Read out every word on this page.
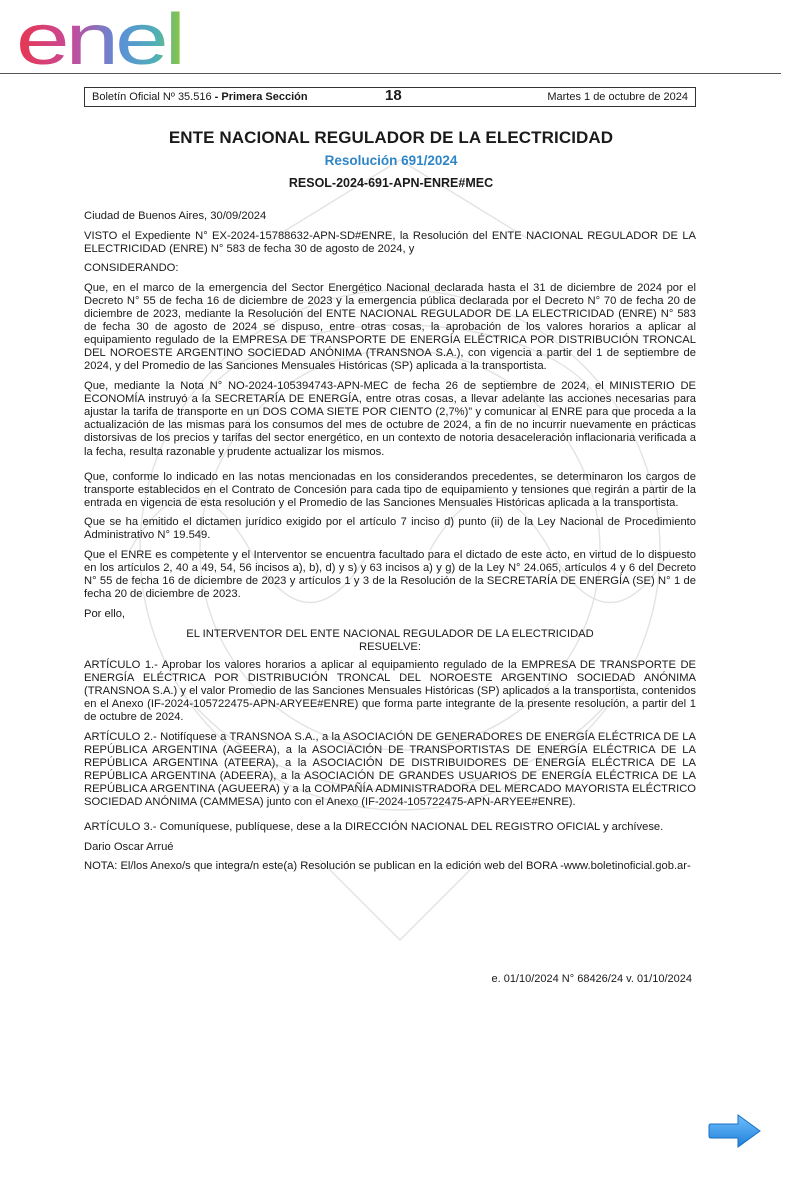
enel
Boletín Oficial Nº 35.516 - Primera Sección	18	Martes 1 de octubre de 2024
ENTE NACIONAL REGULADOR DE LA ELECTRICIDAD
Resolución 691/2024
RESOL-2024-691-APN-ENRE#MEC

Ciudad de Buenos Aires, 30/09/2024

VISTO el Expediente N° EX-2024-15788632-APN-SD#ENRE, la Resolución del ENTE NACIONAL REGULADOR DE LA ELECTRICIDAD (ENRE) N° 583 de fecha 30 de agosto de 2024, y

CONSIDERANDO:

Que, en el marco de la emergencia del Sector Energético Nacional declarada hasta el 31 de diciembre de 2024 por el Decreto N° 55 de fecha 16 de diciembre de 2023 y la emergencia pública declarada por el Decreto N° 70 de fecha 20 de diciembre de 2023, mediante la Resolución del ENTE NACIONAL REGULADOR DE LA ELECTRICIDAD (ENRE) N° 583 de fecha 30 de agosto de 2024 se dispuso, entre otras cosas, la aprobación de los valores horarios a aplicar al equipamiento regulado de la EMPRESA DE TRANSPORTE DE ENERGÍA ELÉCTRICA POR DISTRIBUCIÓN TRONCAL DEL NOROESTE ARGENTINO SOCIEDAD ANÓNIMA (TRANSNOA S.A.), con vigencia a partir del 1 de septiembre de 2024, y del Promedio de las Sanciones Mensuales Históricas (SP) aplicada a la transportista.

Que, mediante la Nota N° NO-2024-105394743-APN-MEC de fecha 26 de septiembre de 2024, el MINISTERIO DE ECONOMÍA instruyó a la SECRETARÍA DE ENERGÍA, entre otras cosas, a llevar adelante las acciones necesarias para ajustar la tarifa de transporte en un DOS COMA SIETE POR CIENTO (2,7%)” y comunicar al ENRE para que proceda a la actualización de las mismas para los consumos del mes de octubre de 2024, a fin de no incurrir nuevamente en prácticas distorsivas de los precios y tarifas del sector energético, en un contexto de notoria desaceleración inflacionaria verificada a la fecha, resulta razonable y prudente actualizar los mismos.

Que, conforme lo indicado en las notas mencionadas en los considerandos precedentes, se determinaron los cargos de transporte establecidos en el Contrato de Concesión para cada tipo de equipamiento y tensiones que regirán a partir de la entrada en vigencia de esta resolución y el Promedio de las Sanciones Mensuales Históricas aplicada a la transportista.

Que se ha emitido el dictamen jurídico exigido por el artículo 7 inciso d) punto (ii) de la Ley Nacional de Procedimiento Administrativo N° 19.549.

Que el ENRE es competente y el Interventor se encuentra facultado para el dictado de este acto, en virtud de lo dispuesto en los artículos 2, 40 a 49, 54, 56 incisos a), b), d) y s) y 63 incisos a) y g) de la Ley N° 24.065, artículos 4 y 6 del Decreto N° 55 de fecha 16 de diciembre de 2023 y artículos 1 y 3 de la Resolución de la SECRETARÍA DE ENERGÍA (SE) N° 1 de fecha 20 de diciembre de 2023.

Por ello,

EL INTERVENTOR DEL ENTE NACIONAL REGULADOR DE LA ELECTRICIDAD

RESUELVE:

ARTÍCULO 1.- Aprobar los valores horarios a aplicar al equipamiento regulado de la EMPRESA DE TRANSPORTE DE ENERGÍA ELÉCTRICA POR DISTRIBUCIÓN TRONCAL DEL NOROESTE ARGENTINO SOCIEDAD ANÓNIMA (TRANSNOA S.A.) y el valor Promedio de las Sanciones Mensuales Históricas (SP) aplicados a la transportista, contenidos en el Anexo (IF-2024-105722475-APN-ARYEE#ENRE) que forma parte integrante de la presente resolución, a partir del 1 de octubre de 2024.

ARTÍCULO 2.- Notifíquese a TRANSNOA S.A., a la ASOCIACIÓN DE GENERADORES DE ENERGÍA ELÉCTRICA DE LA REPÚBLICA ARGENTINA (AGEERA), a la ASOCIACIÓN DE TRANSPORTISTAS DE ENERGÍA ELÉCTRICA DE LA REPÚBLICA ARGENTINA (ATEERA), a la ASOCIACIÓN DE DISTRIBUIDORES DE ENERGÍA ELÉCTRICA DE LA REPÚBLICA ARGENTINA (ADEERA), a la ASOCIACIÓN DE GRANDES USUARIOS DE ENERGÍA ELÉCTRICA DE LA REPÚBLICA ARGENTINA (AGUEERA) y a la COMPAÑÍA ADMINISTRADORA DEL MERCADO MAYORISTA ELÉCTRICO SOCIEDAD ANÓNIMA (CAMMESA) junto con el Anexo (IF-2024-105722475-APN-ARYEE#ENRE).

ARTÍCULO 3.- Comuníquese, publíquese, dese a la DIRECCIÓN NACIONAL DEL REGISTRO OFICIAL y archívese.

Dario Oscar Arrué

NOTA: El/los Anexo/s que integra/n este(a) Resolución se publican en la edición web del BORA -www.boletinoficial.gob.ar-

e. 01/10/2024 N° 68426/24 v. 01/10/2024
